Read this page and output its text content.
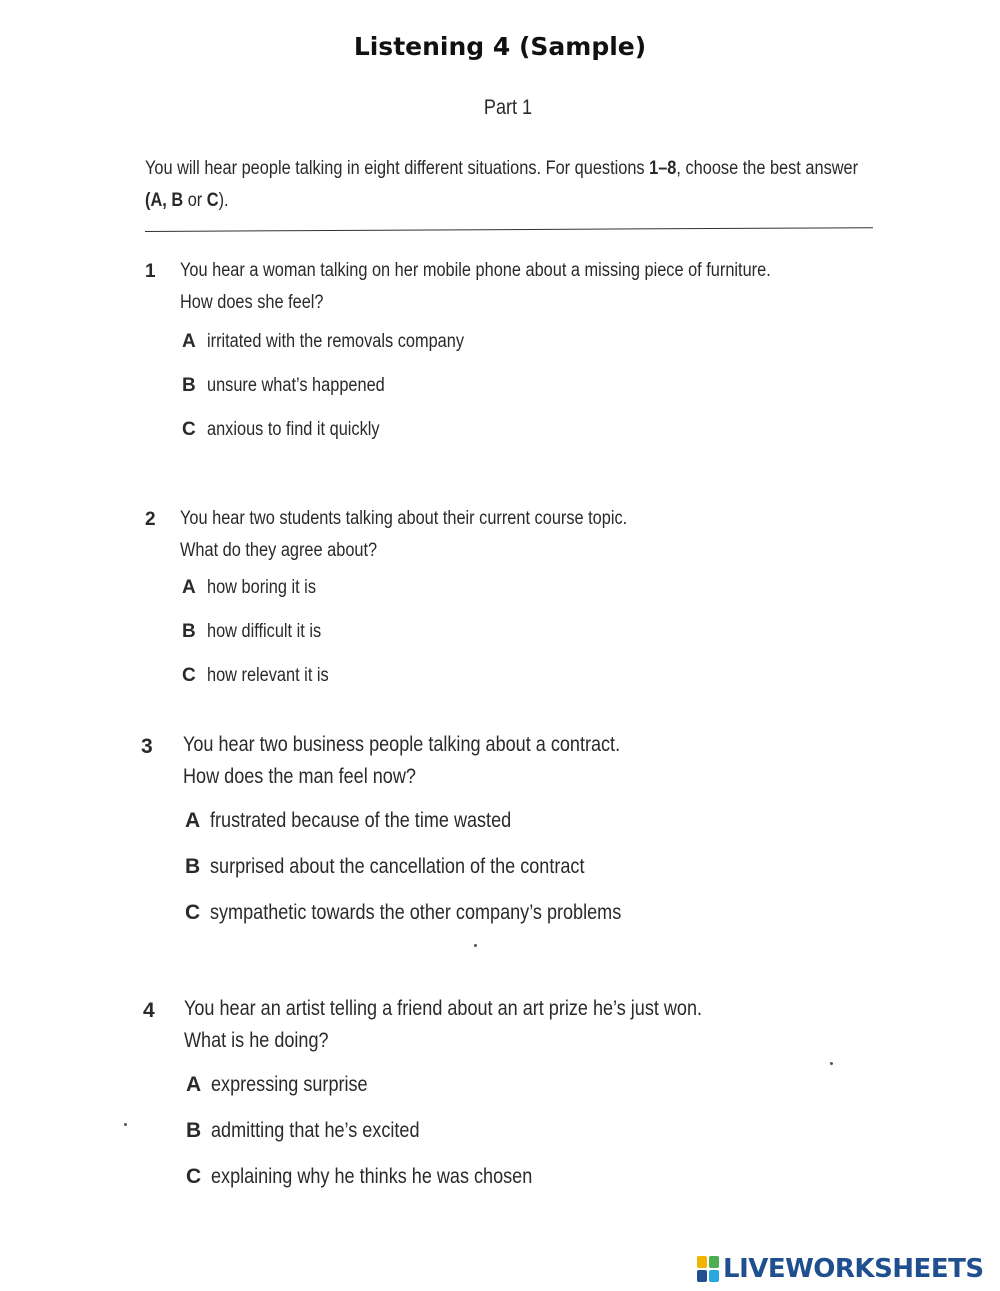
Listening 4 (Sample)
Part 1
You will hear people talking in eight different situations. For questions 1–8, choose the best answer
(A, B or C).
1 You hear a woman talking on her mobile phone about a missing piece of furniture.
How does she feel?
A irritated with the removals company
B unsure what’s happened
C anxious to find it quickly
2 You hear two students talking about their current course topic.
What do they agree about?
A how boring it is
B how difficult it is
C how relevant it is
3 You hear two business people talking about a contract.
How does the man feel now?
A frustrated because of the time wasted
B surprised about the cancellation of the contract
C sympathetic towards the other company’s problems
4 You hear an artist telling a friend about an art prize he’s just won.
What is he doing?
A expressing surprise
B admitting that he’s excited
C explaining why he thinks he was chosen
LIVEWORKSHEETS
